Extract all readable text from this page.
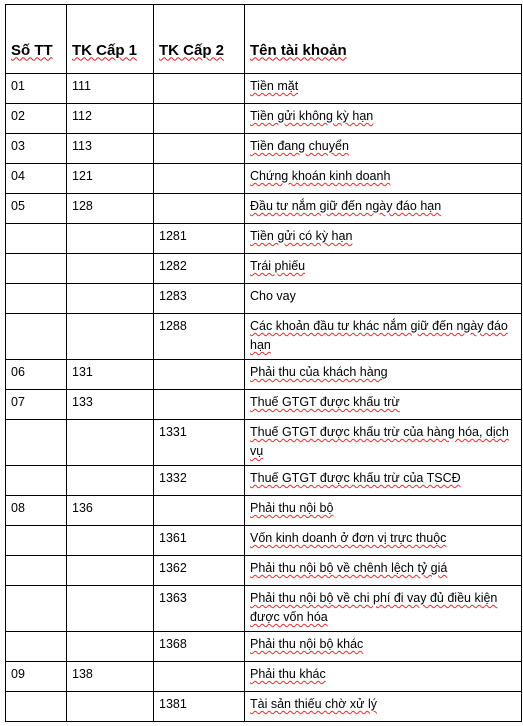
Số TT	TK Cấp 1	TK Cấp 2	Tên tài khoản
01	111		Tiền mặt
02	112		Tiền gửi không kỳ hạn
03	113		Tiền đang chuyển
04	121		Chứng khoán kinh doanh
05	128		Đầu tư nắm giữ đến ngày đáo hạn
		1281	Tiền gửi có kỳ hạn
		1282	Trái phiếu
		1283	Cho vay
		1288	Các khoản đầu tư khác nắm giữ đến ngày đáo hạn
06	131		Phải thu của khách hàng
07	133		Thuế GTGT được khấu trừ
		1331	Thuế GTGT được khấu trừ của hàng hóa, dịch vụ
		1332	Thuế GTGT được khấu trừ của TSCĐ
08	136		Phải thu nội bộ
		1361	Vốn kinh doanh ở đơn vị trực thuộc
		1362	Phải thu nội bộ về chênh lệch tỷ giá
		1363	Phải thu nội bộ về chi phí đi vay đủ điều kiện được vốn hóa
		1368	Phải thu nội bộ khác
09	138		Phải thu khác
		1381	Tài sản thiếu chờ xử lý
